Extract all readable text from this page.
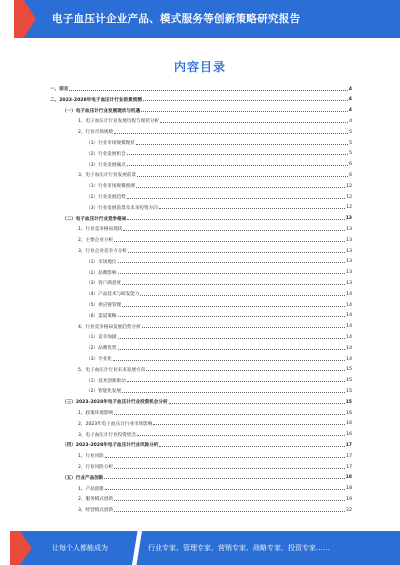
电子血压计企业产品、模式服务等创新策略研究报告
内容目录
一、前言	4
二、2023-2028年电子血压计行业前景预测	4
（一）电子血压计行业发展现状与机遇	4
1、电子血压计行业发展历程与现状分析	4
2、行业市场规模	5
（1）行业市场规模现状	5
（2）行业发展机会	5
（3）行业发展痛点	6
3、电子血压计行业发展前景	6
（1）行业市场规模预测	12
（2）行业发展趋势	12
（3）行业发展前景及未来投资方向	12
（二）电子血压计行业竞争格局	13
1、行业竞争格局现状	13
2、主要企业分析	13
3、行业企业竞争力分析	13
（1）市场地位	13
（2）品牌影响	13
（3）客户满意度	13
（4）产品技术与研发能力	14
（5）供应链管理	14
（6）渠道策略	14
4、行业竞争格局发展趋势分析	14
（1）竞争加剧	14
（2）品牌优势	14
（3）专业化	14
5、电子血压计行业未来发展方向	15
（1）技术创新驱动	15
（2）智能化发展	15
（三）2023-2028年电子血压计行业投资机会分析	15
1、政策环境影响	16
2、2023年电子血压计行业市场影响	16
3、电子血压计行业投资机会	16
（四）2023-2028年电子血压计行业风险分析	17
1、行业风险	17
2、行业风险分析	17
（五）行业产品创新	18
1、产品创新	18
2、服务模式创新	19
3、经营模式创新	22
让每个人都能成为	行业专家、管理专家、营销专家、战略专家、投资专家……
